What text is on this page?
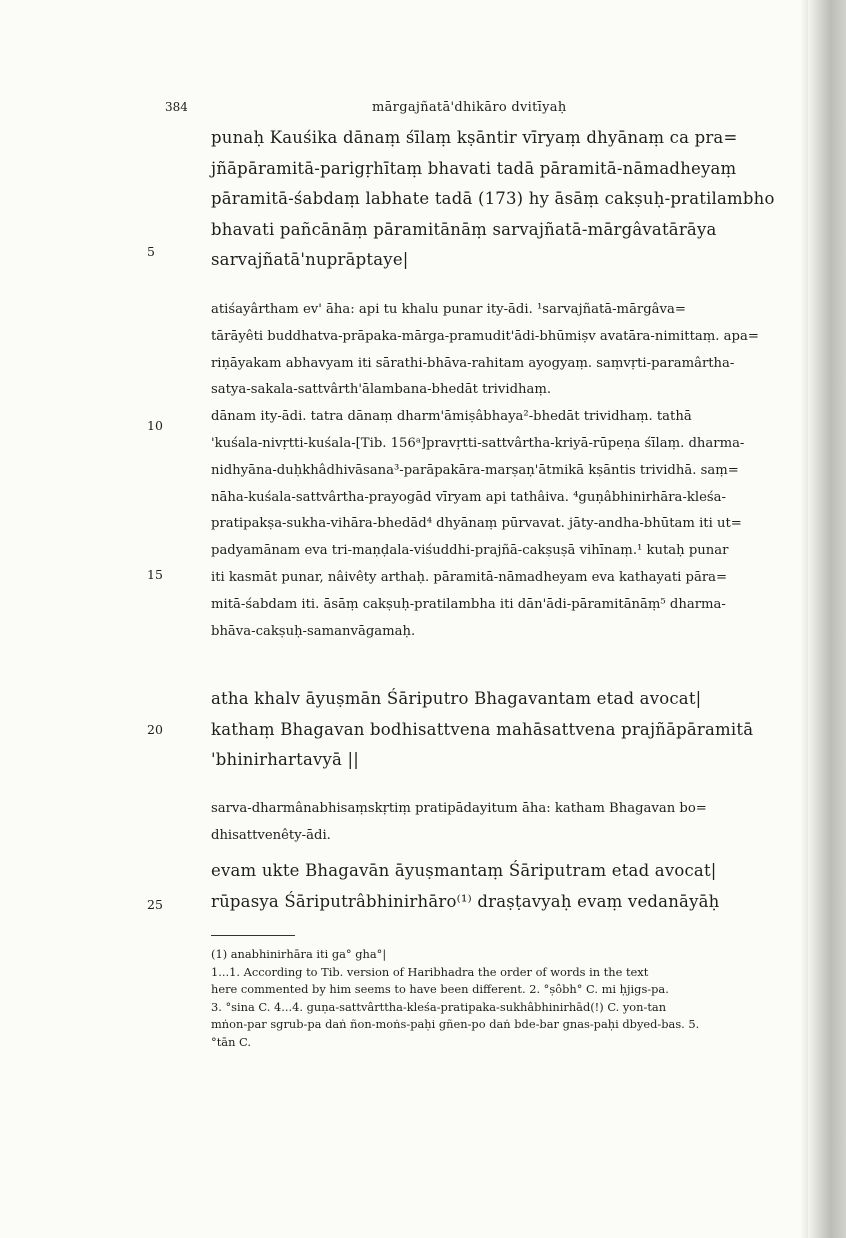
384	mārgajñatā'dhikāro dvitīyaḥ
5
10
15
20
25
punaḥ Kauśika dānaṃ śīlaṃ kṣāntir vīryaṃ dhyānaṃ ca pra=
jñāpāramitā-parigṛhītaṃ bhavati tadā pāramitā-nāmadheyaṃ
pāramitā-śabdaṃ labhate tadā (173) hy āsāṃ cakṣuḥ-pratilambho
bhavati pañcānāṃ pāramitānāṃ sarvajñatā-mārgâvatārāya
sarvajñatā'nuprāptaye|
atiśayârtham ev' āha: api tu khalu punar ity-ādi. ¹sarvajñatā-mārgâva=
tārāyêti buddhatva-prāpaka-mārga-pramudit'ādi-bhūmiṣv avatāra-nimittaṃ. apa=
riṇāyakam abhavyam iti sārathi-bhāva-rahitam ayogyaṃ. saṃvṛti-paramârtha-
satya-sakala-sattvârth'ālambana-bhedāt trividhaṃ.
dānam ity-ādi. tatra dānaṃ dharm'āmiṣâbhaya²-bhedāt trividhaṃ. tathā
'kuśala-nivṛtti-kuśala-[Tib. 156ᵃ]pravṛtti-sattvârtha-kriyā-rūpeṇa śīlaṃ. dharma-
nidhyāna-duḥkhâdhivāsana³-parāpakāra-marṣaṇ'ātmikā kṣāntis trividhā. saṃ=
nāha-kuśala-sattvârtha-prayogād vīryam api tathâiva. ⁴guṇâbhinirhāra-kleśa-
pratipakṣa-sukha-vihāra-bhedād⁴ dhyānaṃ pūrvavat. jāty-andha-bhūtam iti ut=
padyamānam eva tri-maṇḍala-viśuddhi-prajñā-cakṣuṣā vihīnaṃ.¹ kutaḥ punar
iti kasmāt punar, nâivêty arthaḥ. pāramitā-nāmadheyam eva kathayati pāra=
mitā-śabdam iti. āsāṃ cakṣuḥ-pratilambha iti dān'ādi-pāramitānāṃ⁵ dharma-
bhāva-cakṣuḥ-samanvāgamaḥ.
atha khalv āyuṣmān Śāriputro Bhagavantam etad avocat|
kathaṃ Bhagavan bodhisattvena mahāsattvena prajñāpāramitā
'bhinirhartavyā ||
sarva-dharmânabhisaṃskṛtiṃ pratipādayitum āha: katham Bhagavan bo=
dhisattvenêty-ādi.
evam ukte Bhagavān āyuṣmantaṃ Śāriputram etad avocat|
rūpasya Śāriputrâbhinirhāro⁽¹⁾ draṣṭavyaḥ evaṃ vedanāyāḥ
(1) anabhinirhāra iti ga° gha°|
1...1. According to Tib. version of Haribhadra the order of words in the text
here commented by him seems to have been different. 2. °ṣôbh° C. mi ḥjigs-pa.
3. °sina C. 4...4. guṇa-sattvârttha-kleśa-pratipaka-sukhâbhinirhād(!) C. yon-tan
mṅon-par sgrub-pa daṅ ñon-moṅs-paḥi gñen-po daṅ bde-bar gnas-paḥi dbyed-bas. 5.
°tān C.
